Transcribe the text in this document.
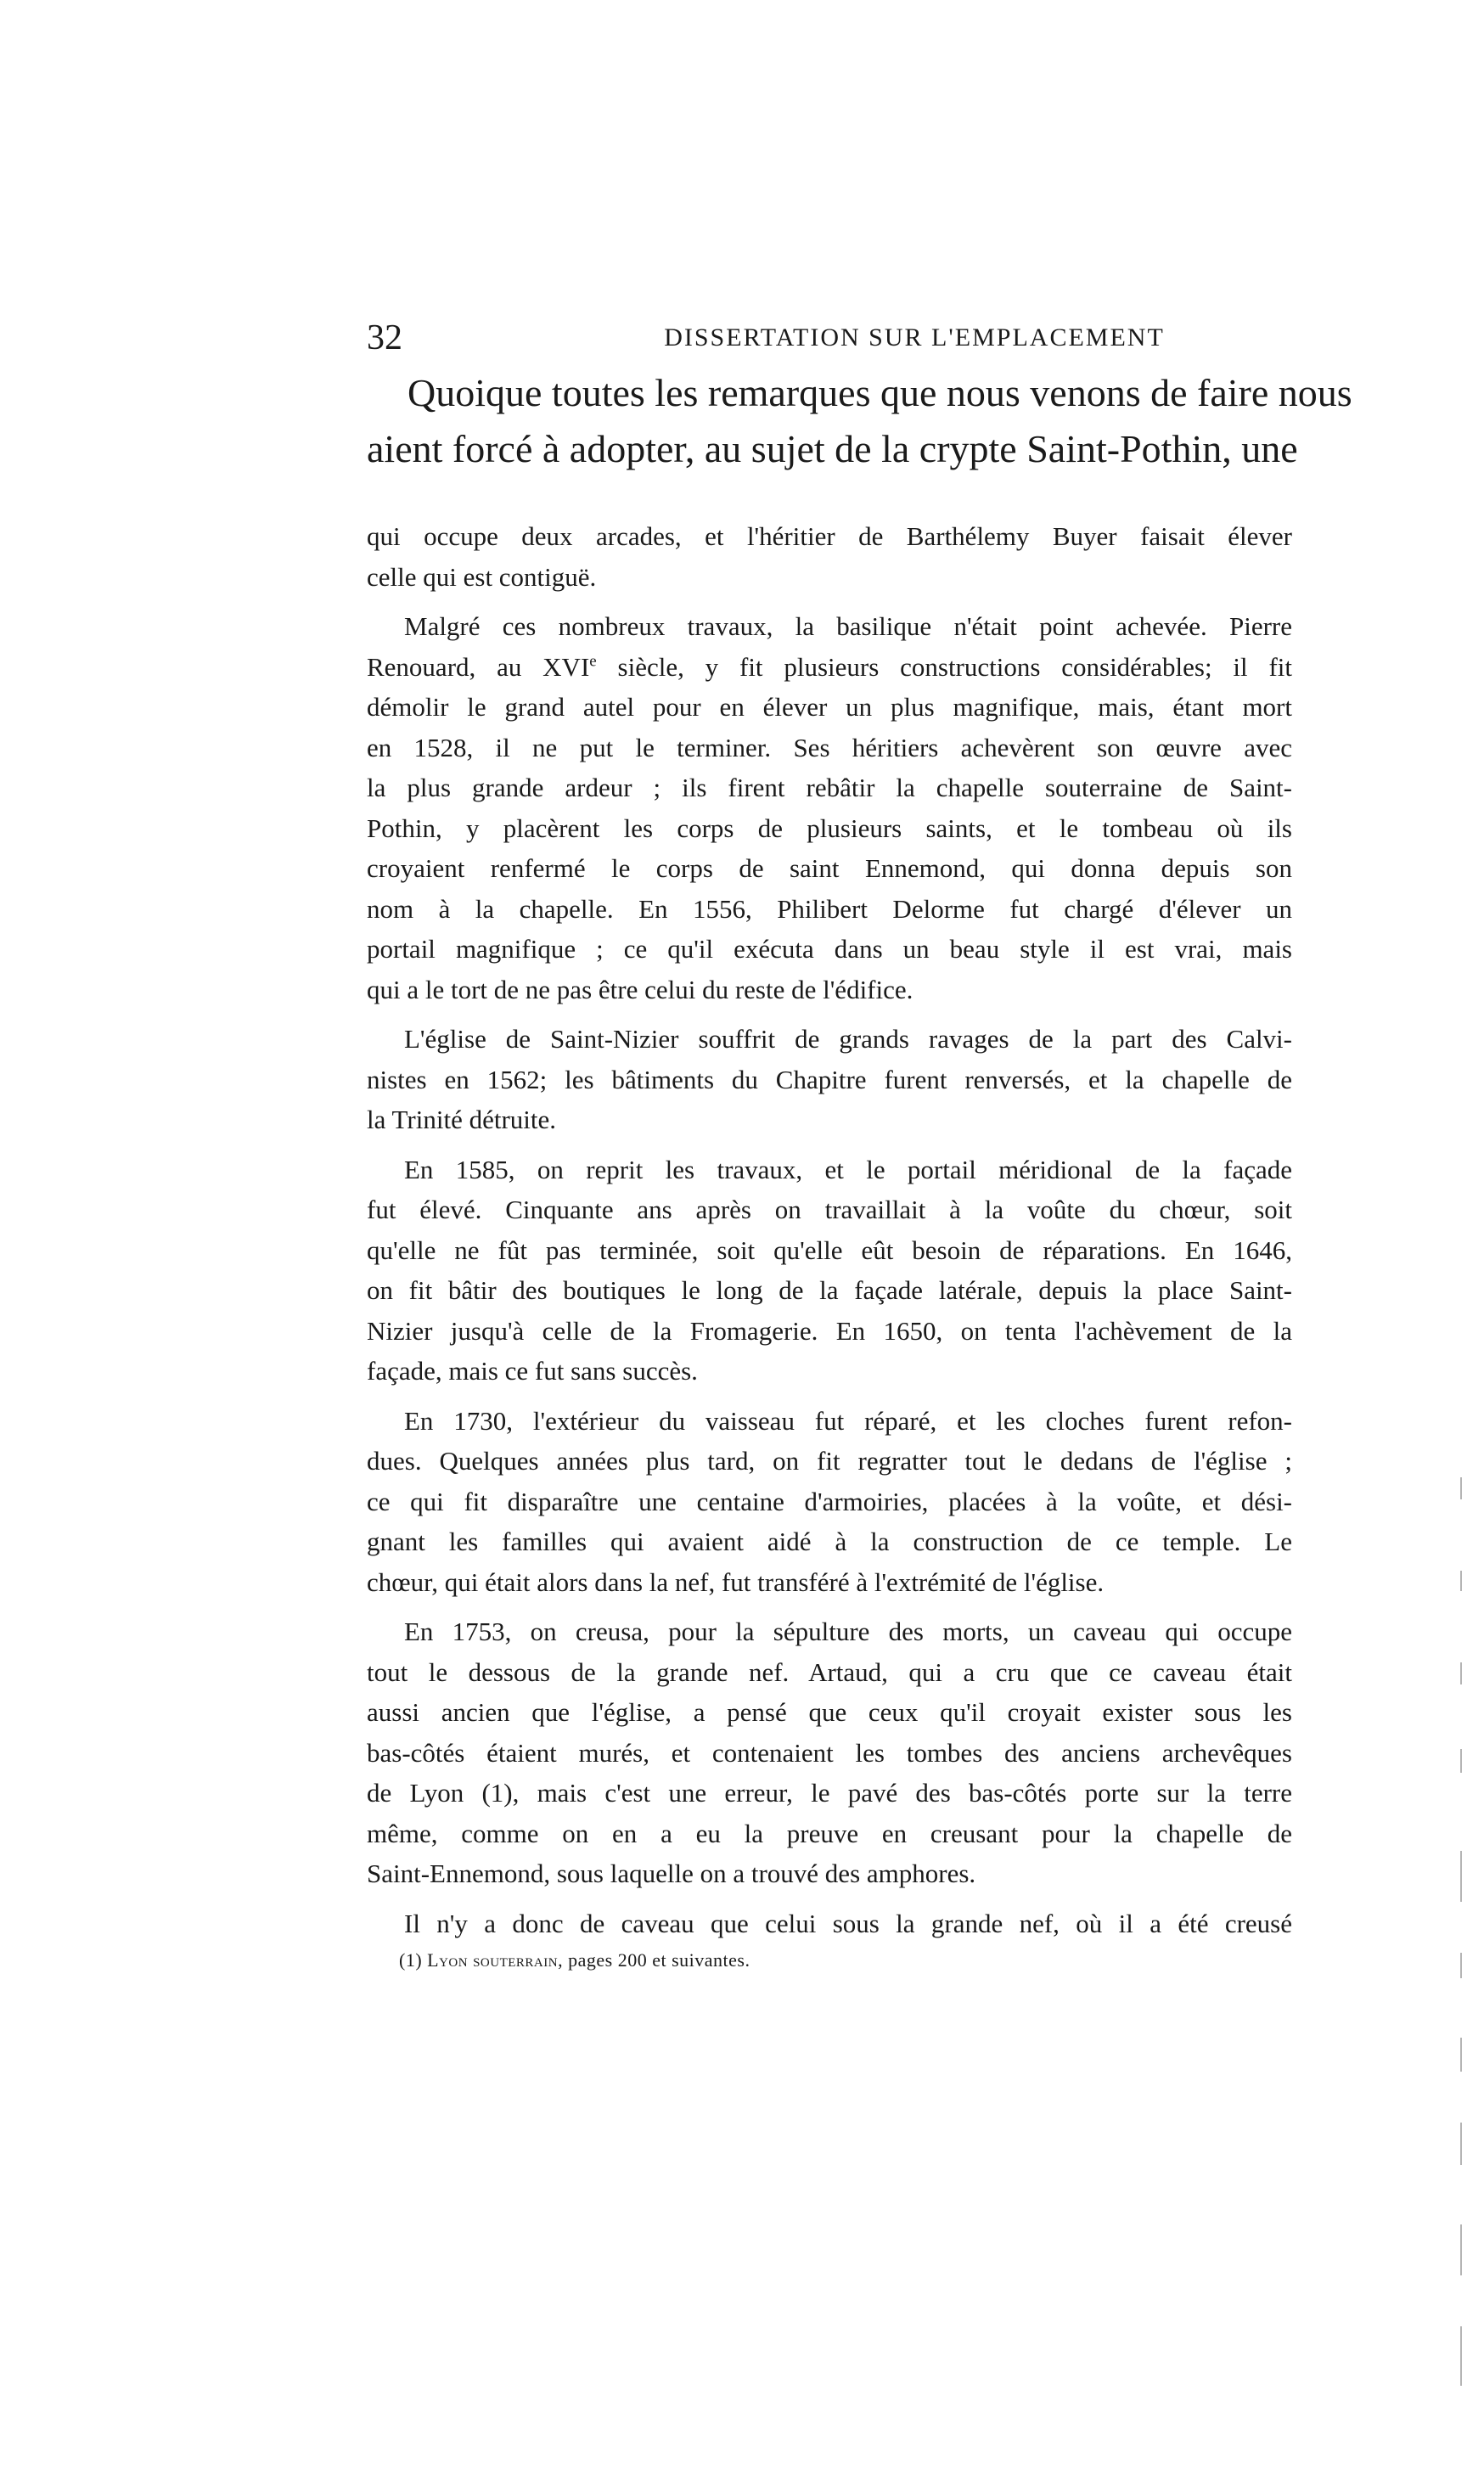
32	DISSERTATION SUR L'EMPLACEMENT
Quoique toutes les remarques que nous venons de faire nous
aient forcé à adopter, au sujet de la crypte Saint-Pothin, une

qui occupe deux arcades, et l'héritier de Barthélemy Buyer faisait élever
celle qui est contiguë.

Malgré ces nombreux travaux, la basilique n'était point achevée. Pierre
Renouard, au XVIe siècle, y fit plusieurs constructions considérables; il fit
démolir le grand autel pour en élever un plus magnifique, mais, étant mort
en 1528, il ne put le terminer. Ses héritiers achevèrent son œuvre avec
la plus grande ardeur ; ils firent rebâtir la chapelle souterraine de Saint-
Pothin, y placèrent les corps de plusieurs saints, et le tombeau où ils
croyaient renfermé le corps de saint Ennemond, qui donna depuis son
nom à la chapelle. En 1556, Philibert Delorme fut chargé d'élever un
portail magnifique ; ce qu'il exécuta dans un beau style il est vrai, mais
qui a le tort de ne pas être celui du reste de l'édifice.

L'église de Saint-Nizier souffrit de grands ravages de la part des Calvi-
nistes en 1562; les bâtiments du Chapitre furent renversés, et la chapelle de
la Trinité détruite.

En 1585, on reprit les travaux, et le portail méridional de la façade
fut élevé. Cinquante ans après on travaillait à la voûte du chœur, soit
qu'elle ne fût pas terminée, soit qu'elle eût besoin de réparations. En 1646,
on fit bâtir des boutiques le long de la façade latérale, depuis la place Saint-
Nizier jusqu'à celle de la Fromagerie. En 1650, on tenta l'achèvement de la
façade, mais ce fut sans succès.

En 1730, l'extérieur du vaisseau fut réparé, et les cloches furent refon-
dues. Quelques années plus tard, on fit regratter tout le dedans de l'église ;
ce qui fit disparaître une centaine d'armoiries, placées à la voûte, et dési-
gnant les familles qui avaient aidé à la construction de ce temple. Le
chœur, qui était alors dans la nef, fut transféré à l'extrémité de l'église.

En 1753, on creusa, pour la sépulture des morts, un caveau qui occupe
tout le dessous de la grande nef. Artaud, qui a cru que ce caveau était
aussi ancien que l'église, a pensé que ceux qu'il croyait exister sous les
bas-côtés étaient murés, et contenaient les tombes des anciens archevêques
de Lyon (1), mais c'est une erreur, le pavé des bas-côtés porte sur la terre
même, comme on en a eu la preuve en creusant pour la chapelle de
Saint-Ennemond, sous laquelle on a trouvé des amphores.

Il n'y a donc de caveau que celui sous la grande nef, où il a été creusé

(1) Lyon souterrain, pages 200 et suivantes.
